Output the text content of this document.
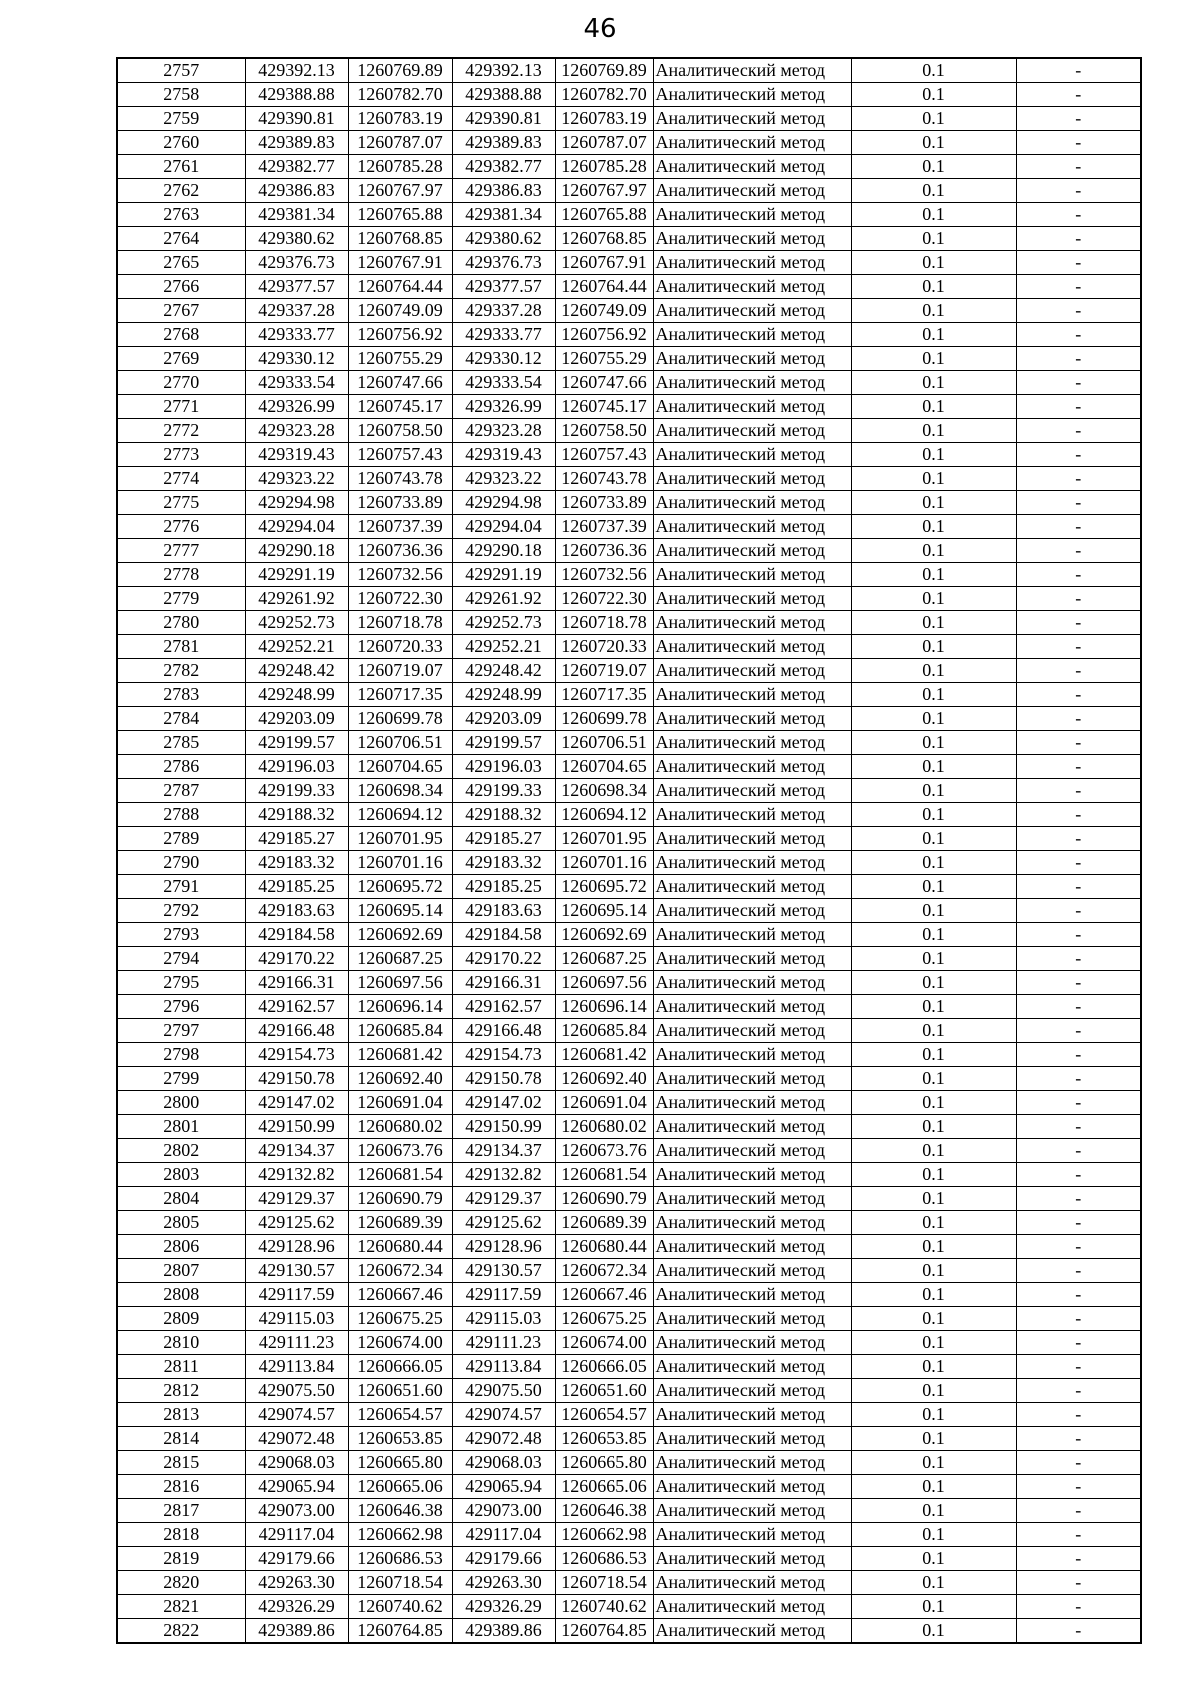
46
2757	429392.13	1260769.89	429392.13	1260769.89	Аналитический метод	0.1	-
2758	429388.88	1260782.70	429388.88	1260782.70	Аналитический метод	0.1	-
2759	429390.81	1260783.19	429390.81	1260783.19	Аналитический метод	0.1	-
2760	429389.83	1260787.07	429389.83	1260787.07	Аналитический метод	0.1	-
2761	429382.77	1260785.28	429382.77	1260785.28	Аналитический метод	0.1	-
2762	429386.83	1260767.97	429386.83	1260767.97	Аналитический метод	0.1	-
2763	429381.34	1260765.88	429381.34	1260765.88	Аналитический метод	0.1	-
2764	429380.62	1260768.85	429380.62	1260768.85	Аналитический метод	0.1	-
2765	429376.73	1260767.91	429376.73	1260767.91	Аналитический метод	0.1	-
2766	429377.57	1260764.44	429377.57	1260764.44	Аналитический метод	0.1	-
2767	429337.28	1260749.09	429337.28	1260749.09	Аналитический метод	0.1	-
2768	429333.77	1260756.92	429333.77	1260756.92	Аналитический метод	0.1	-
2769	429330.12	1260755.29	429330.12	1260755.29	Аналитический метод	0.1	-
2770	429333.54	1260747.66	429333.54	1260747.66	Аналитический метод	0.1	-
2771	429326.99	1260745.17	429326.99	1260745.17	Аналитический метод	0.1	-
2772	429323.28	1260758.50	429323.28	1260758.50	Аналитический метод	0.1	-
2773	429319.43	1260757.43	429319.43	1260757.43	Аналитический метод	0.1	-
2774	429323.22	1260743.78	429323.22	1260743.78	Аналитический метод	0.1	-
2775	429294.98	1260733.89	429294.98	1260733.89	Аналитический метод	0.1	-
2776	429294.04	1260737.39	429294.04	1260737.39	Аналитический метод	0.1	-
2777	429290.18	1260736.36	429290.18	1260736.36	Аналитический метод	0.1	-
2778	429291.19	1260732.56	429291.19	1260732.56	Аналитический метод	0.1	-
2779	429261.92	1260722.30	429261.92	1260722.30	Аналитический метод	0.1	-
2780	429252.73	1260718.78	429252.73	1260718.78	Аналитический метод	0.1	-
2781	429252.21	1260720.33	429252.21	1260720.33	Аналитический метод	0.1	-
2782	429248.42	1260719.07	429248.42	1260719.07	Аналитический метод	0.1	-
2783	429248.99	1260717.35	429248.99	1260717.35	Аналитический метод	0.1	-
2784	429203.09	1260699.78	429203.09	1260699.78	Аналитический метод	0.1	-
2785	429199.57	1260706.51	429199.57	1260706.51	Аналитический метод	0.1	-
2786	429196.03	1260704.65	429196.03	1260704.65	Аналитический метод	0.1	-
2787	429199.33	1260698.34	429199.33	1260698.34	Аналитический метод	0.1	-
2788	429188.32	1260694.12	429188.32	1260694.12	Аналитический метод	0.1	-
2789	429185.27	1260701.95	429185.27	1260701.95	Аналитический метод	0.1	-
2790	429183.32	1260701.16	429183.32	1260701.16	Аналитический метод	0.1	-
2791	429185.25	1260695.72	429185.25	1260695.72	Аналитический метод	0.1	-
2792	429183.63	1260695.14	429183.63	1260695.14	Аналитический метод	0.1	-
2793	429184.58	1260692.69	429184.58	1260692.69	Аналитический метод	0.1	-
2794	429170.22	1260687.25	429170.22	1260687.25	Аналитический метод	0.1	-
2795	429166.31	1260697.56	429166.31	1260697.56	Аналитический метод	0.1	-
2796	429162.57	1260696.14	429162.57	1260696.14	Аналитический метод	0.1	-
2797	429166.48	1260685.84	429166.48	1260685.84	Аналитический метод	0.1	-
2798	429154.73	1260681.42	429154.73	1260681.42	Аналитический метод	0.1	-
2799	429150.78	1260692.40	429150.78	1260692.40	Аналитический метод	0.1	-
2800	429147.02	1260691.04	429147.02	1260691.04	Аналитический метод	0.1	-
2801	429150.99	1260680.02	429150.99	1260680.02	Аналитический метод	0.1	-
2802	429134.37	1260673.76	429134.37	1260673.76	Аналитический метод	0.1	-
2803	429132.82	1260681.54	429132.82	1260681.54	Аналитический метод	0.1	-
2804	429129.37	1260690.79	429129.37	1260690.79	Аналитический метод	0.1	-
2805	429125.62	1260689.39	429125.62	1260689.39	Аналитический метод	0.1	-
2806	429128.96	1260680.44	429128.96	1260680.44	Аналитический метод	0.1	-
2807	429130.57	1260672.34	429130.57	1260672.34	Аналитический метод	0.1	-
2808	429117.59	1260667.46	429117.59	1260667.46	Аналитический метод	0.1	-
2809	429115.03	1260675.25	429115.03	1260675.25	Аналитический метод	0.1	-
2810	429111.23	1260674.00	429111.23	1260674.00	Аналитический метод	0.1	-
2811	429113.84	1260666.05	429113.84	1260666.05	Аналитический метод	0.1	-
2812	429075.50	1260651.60	429075.50	1260651.60	Аналитический метод	0.1	-
2813	429074.57	1260654.57	429074.57	1260654.57	Аналитический метод	0.1	-
2814	429072.48	1260653.85	429072.48	1260653.85	Аналитический метод	0.1	-
2815	429068.03	1260665.80	429068.03	1260665.80	Аналитический метод	0.1	-
2816	429065.94	1260665.06	429065.94	1260665.06	Аналитический метод	0.1	-
2817	429073.00	1260646.38	429073.00	1260646.38	Аналитический метод	0.1	-
2818	429117.04	1260662.98	429117.04	1260662.98	Аналитический метод	0.1	-
2819	429179.66	1260686.53	429179.66	1260686.53	Аналитический метод	0.1	-
2820	429263.30	1260718.54	429263.30	1260718.54	Аналитический метод	0.1	-
2821	429326.29	1260740.62	429326.29	1260740.62	Аналитический метод	0.1	-
2822	429389.86	1260764.85	429389.86	1260764.85	Аналитический метод	0.1	-
